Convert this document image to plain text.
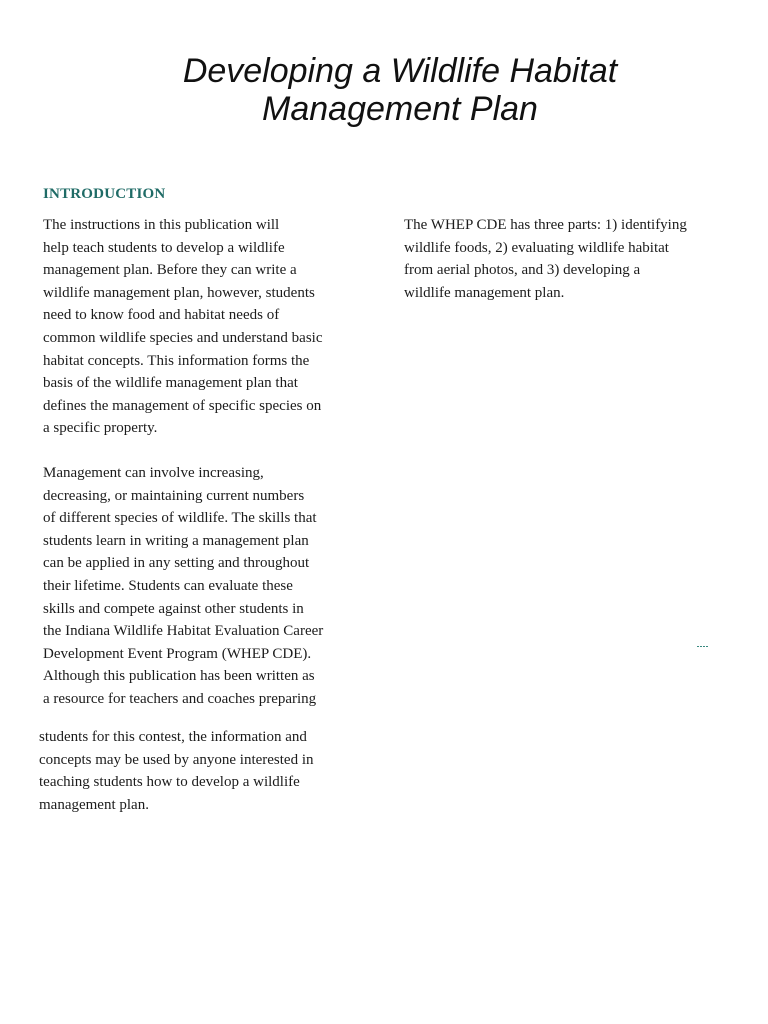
Developing a Wildlife Habitat
Management Plan
INTRODUCTION
The instructions in this publication will
help teach students to develop a wildlife
management plan. Before they can write a
wildlife management plan, however, students
need to know food and habitat needs of
common wildlife species and understand basic
habitat concepts. This information forms the
basis of the wildlife management plan that
defines the management of specific species on
a specific property.
Management can involve increasing,
decreasing, or maintaining current numbers
of different species of wildlife. The skills that
students learn in writing a management plan
can be applied in any setting and throughout
their lifetime. Students can evaluate these
skills and compete against other students in
the Indiana Wildlife Habitat Evaluation Career
Development Event Program (WHEP CDE).
Although this publication has been written as
a resource for teachers and coaches preparing
students for this contest, the information and
concepts may be used by anyone interested in
teaching students how to develop a wildlife
management plan.
The WHEP CDE has three parts: 1) identifying
wildlife foods, 2) evaluating wildlife habitat
from aerial photos, and 3) developing a
wildlife management plan.
